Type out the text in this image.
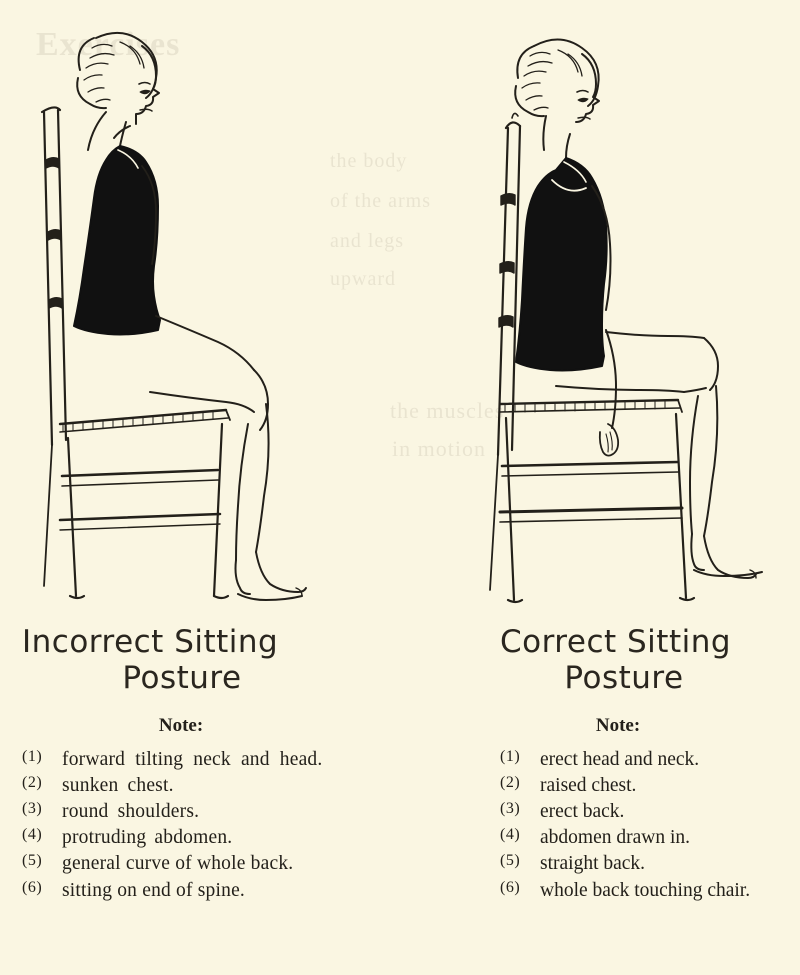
Exercises
the body
of the arms
and legs
upward
the muscles
in motion
Incorrect Sitting
Posture
Note:
(1) forward tilting neck and head.
(2) sunken chest.
(3) round shoulders.
(4) protruding abdomen.
(5) general curve of whole back.
(6) sitting on end of spine.
Correct Sitting
Posture
Note:
(1) erect head and neck.
(2) raised chest.
(3) erect back.
(4) abdomen drawn in.
(5) straight back.
(6) whole back touching chair.
